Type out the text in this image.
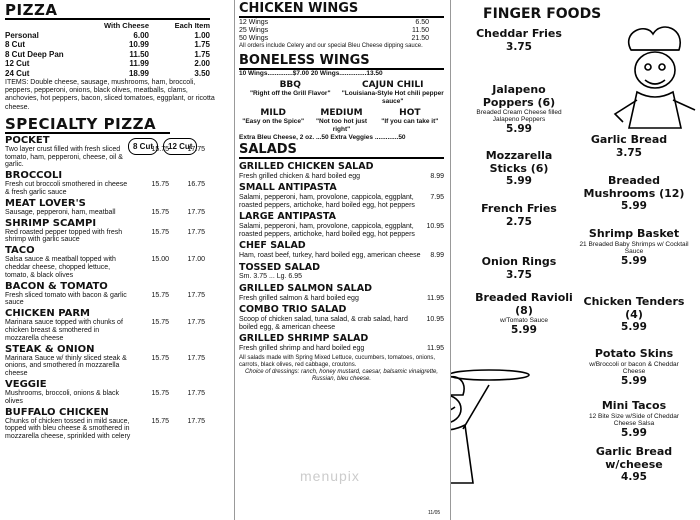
PIZZA
With Cheese	Each Item
Personal	6.00	1.00
8 Cut	10.99	1.75
8 Cut Deep Pan	11.50	1.75
12 Cut	11.99	2.00
24 Cut	18.99	3.50
ITEMS: Double cheese, sausage, mushrooms, ham, broccoli, peppers, pepperoni, onions, black olives, meatballs, clams, anchovies, hot peppers, bacon, sliced tomatoes, eggplant, or ricotta cheese.
SPECIALTY PIZZA
8 Cut	12 Cut
POCKET
Two layer crust filled with fresh sliced tomato, ham, pepperoni, cheese, oil & garlic.
15.75	17.75
BROCCOLI
Fresh cut broccoli smothered in cheese & fresh garlic sauce
15.75	16.75
MEAT LOVER'S
Sausage, pepperoni, ham, meatball	15.75	17.75
SHRIMP SCAMPI
Red roasted pepper topped with fresh shrimp with garlic sauce
15.75	17.75
TACO
Salsa sauce & meatball topped with cheddar cheese, chopped lettuce, tomato, & black olives
15.00	17.00
BACON & TOMATO
Fresh sliced tomato with bacon & garlic sauce
15.75	17.75
CHICKEN PARM
Marinara sauce topped with chunks of chicken breast & smothered in mozzarella cheese
15.75	17.75
STEAK & ONION
Marinara Sauce w/ thinly sliced steak & onions, and smothered in mozzarella cheese
15.75	17.75
VEGGIE
Mushrooms, broccoli, onions & black olives
15.75	17.75
BUFFALO CHICKEN
Chunks of chicken tossed in mild sauce, topped with bleu cheese & smothered in mozzarella cheese, sprinkled with celery
15.75	17.75
CHICKEN WINGS
12 Wings	6.50
25 Wings	11.50
50 Wings	21.50
All orders include Celery and our special Bleu Cheese dipping sauce.
BONELESS WINGS
10 Wings..............$7.00 20 Wings...............13.50
BBQ
"Right off the Grill Flavor"
CAJUN CHILI
"Louisiana-Style Hot chili pepper sauce"
MILD
"Easy on the Spice"
MEDIUM
"Not too hot just right"
HOT
"If you can take it"
Extra Bleu Cheese, 2 oz. ...50 Extra Veggies .............50
SALADS
GRILLED CHICKEN SALAD
8.99
Fresh grilled chicken & hard boiled egg
SMALL ANTIPASTA
7.95
Salami, pepperoni, ham, provolone, cappicola, eggplant, roasted peppers, artichoke, hard boiled egg, hot peppers
LARGE ANTIPASTA
10.95
Salami, pepperoni, ham, provolone, cappicola, eggplant, roasted peppers, artichoke, hard boiled egg, hot peppers
CHEF SALAD
8.99
Ham, roast beef, turkey, hard boiled egg, american cheese
TOSSED SALAD
Sm. 3.75 ... Lg. 6.95
GRILLED SALMON SALAD
11.95
Fresh grilled salmon & hard boiled egg
COMBO TRIO SALAD
10.95
Scoop of chicken salad, tuna salad, & crab salad, hard boiled egg, & american cheese
GRILLED SHRIMP SALAD
11.95
Fresh grilled shrimp and hard boiled egg
All salads made with Spring Mixed Lettuce, cucumbers, tomatoes, onions, carrots, black olives, red cabbage, croutons.
Choice of dressings: ranch, honey mustard, caesar, balsamic vinaigrette, Russian, bleu cheese.
menupix
11/05
FINGER FOODS
Cheddar Fries
3.75
Jalapeno Poppers (6)
Breaded Cream Cheese filled Jalapeno Peppers
5.99
Garlic Bread
3.75
Mozzarella Sticks (6)
5.99	Breaded Mushrooms (12)
5.99
French Fries
2.75
Shrimp Basket
21 Breaded Baby Shrimps w/ Cocktail Sauce
5.99
Onion Rings
3.75
Chicken Tenders (4)
5.99
Breaded Ravioli (8)
w/Tomato Sauce
5.99
Potato Skins
w/Broccoli or bacon & Cheddar Cheese
5.99
Mini Tacos
12 Bite Size w/Side of Cheddar Cheese Salsa
5.99
Garlic Bread w/cheese
4.95
